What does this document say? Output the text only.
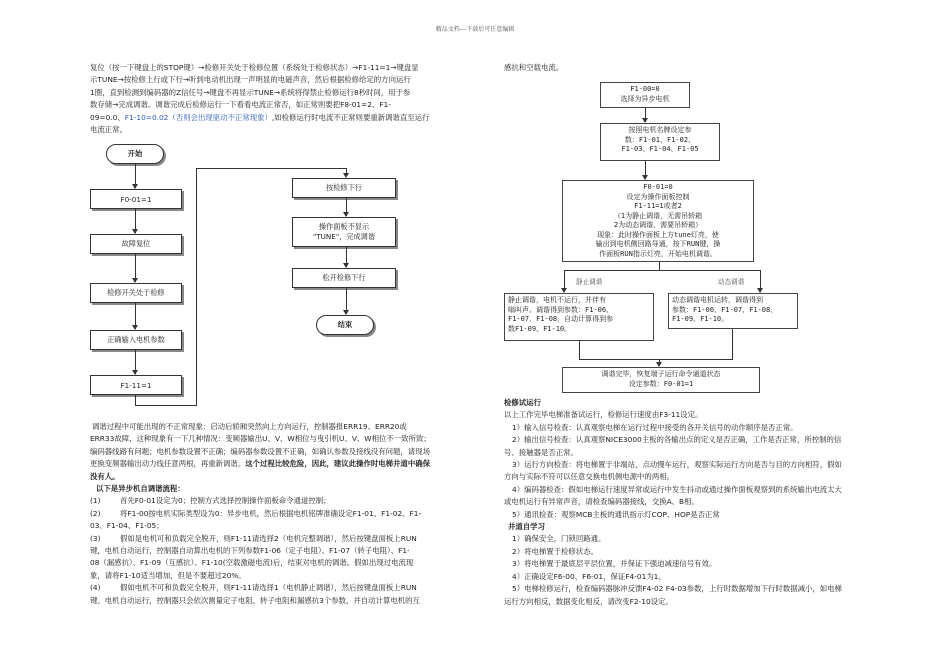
精品文档---下载后可任意编辑

复位（按一下键盘上的STOP键）→检修开关处于检修位置（系统处于检修状态）→F1-11=1→键盘显

示TUNE→按检修上行或下行→听到电动机出现一声明显的电磁声音，然后根据检修给定的方向运行

1圈，直到检测到编码器的Z信任号→键盘不再显示TUNE→系统将得禁止检修运行8秒时间，用于参

数存储→完成调谐。调谐完成后检修运行一下看看电流正常否，如正常则要把F8-01=2、F1-

09=0.0、F1-10=0.02（否则会出现驱动不正常现象）,如检修运行时电流不正常则要重新调谐直至运行

电流正常。

开始
F0-01=1
故障复位
检修开关处于检修
正确输入电机参数
F1-11=1
按检修下行
操作面板不显示
"TUNE"，完成调谐
松开检修下行
结束

调谐过程中可能出现的不正常现象：启动后轿厢突然向上方向运行，控制器报ERR19、ERR20或

ERR33故障，这种现象有一下几种情况：变频器输出U、V、W相位与曳引机U、V、W相位不一致所致；

编码器线路有问题；电机参数设置不正确；编码器参数设置不正确，如确认参数及接线没有问题，请现场

更换变频器输出动力线任意两根，再重新调谐。这个过程比较危险，因此，建议此操作时电梯井道中确保

没有人。

以下是异步机自调谐流程：

(1)	首先F0-01设定为0；控制方式选择控制操作面板命令通道控制；

(2)	将F1-00按电机实际类型设为0：异步电机，然后根据电机铭牌准确设定F1-01、F1-02、F1-

03、F1-04、F1-05；

(3)	假如是电机可和负载完全脱开，则F1-11请选择2（电机完整调谐），然后按键盘面板上RUN

键，电机自动运行，控制器自动算出电机的下列参数F1-06（定子电阻）、F1-07（转子电阻）、F1-

08（漏感抗）、F1-09（互感抗）、F1-10(空载激磁电流)后，结束对电机的调谐。假如出现过电流现

象，请将F1-10适当增加，但是不要超过20%。

(4)	假如电机不可和负载完全脱开，则F1-11请选择1（电机静止调谐），然后按键盘面板上RUN

键、电机自动运行，控制器只会依次测量定子电阻、转子电阻和漏感抗3个参数，并自动计算电机的互

感抗和空载电流。

F1-00=0
选择为异步电机
按照电机名牌设定参
数：F1-01、F1-02、
F1-03、F1-04、F1-05
F0-01=0
设定为操作面板控制
F1-11=1或者2
（1为静止调谐，无需吊轿箱
2为动态调谐，需要吊轿箱）
现象：此时操作面板上方tune灯亮，使
输出到电机侧回路导通，按下RUN键，操
作面板RUN指示灯亮，开始电机调谐。
静止调谐	动态调谐
静止调谐，电机不运行，并伴有
嗡叫声。调谐得到参数：F1-06、
F1-07、F1-08，自动计算得到参
数F1-09、F1-10。
动态调谐电机运转，调谐得到
参数：F1-06、F1-07、F1-08、
F1-09、F1-10。
调谐完毕，恢复端子运行命令通道状态
设定参数：F0-01=1

检修试运行

以上工作完毕电梯准备试运行，检修运行速度由F3-11设定。

1）输入信号检查：认真观察电梯在运行过程中接受的各开关信号的动作顺序是否正常。

2）输出信号检查：认真观察NICE3000主板的各输出点的定义是否正确，工作是否正常，所控制的信

号、接触器是否正常。

3）运行方向检查：将电梯置于非端站，点动慢车运行，观察实际运行方向是否与目的方向相符，假如

方向与实际不符可以任意交换电机侧电源中的两相。

4）编码器检查：假如电梯运行速度异常或运行中发生抖动或通过操作面板观察到的系统输出电流太大

或电机运行有异常声音，请检查编码器接线，交换A、B相。

5）通讯检查：观察MCB主板的通讯指示灯COP、HOP是否正常

井道自学习

1）确保安全，门锁回路通。

2）将电梯置于检修状态。

3）将电梯置于最底层平层位置，并保证下强迫减速信号有效。

4）正确设定F6-00、F6-01，保证F4-01为1。

5）电梯检修运行，检查编码器脉冲反馈F4-02 F4-03参数，上行时数据增加下行时数据减小，如电梯

运行方向相反，数据变化相反，请改变F2-10设定。
